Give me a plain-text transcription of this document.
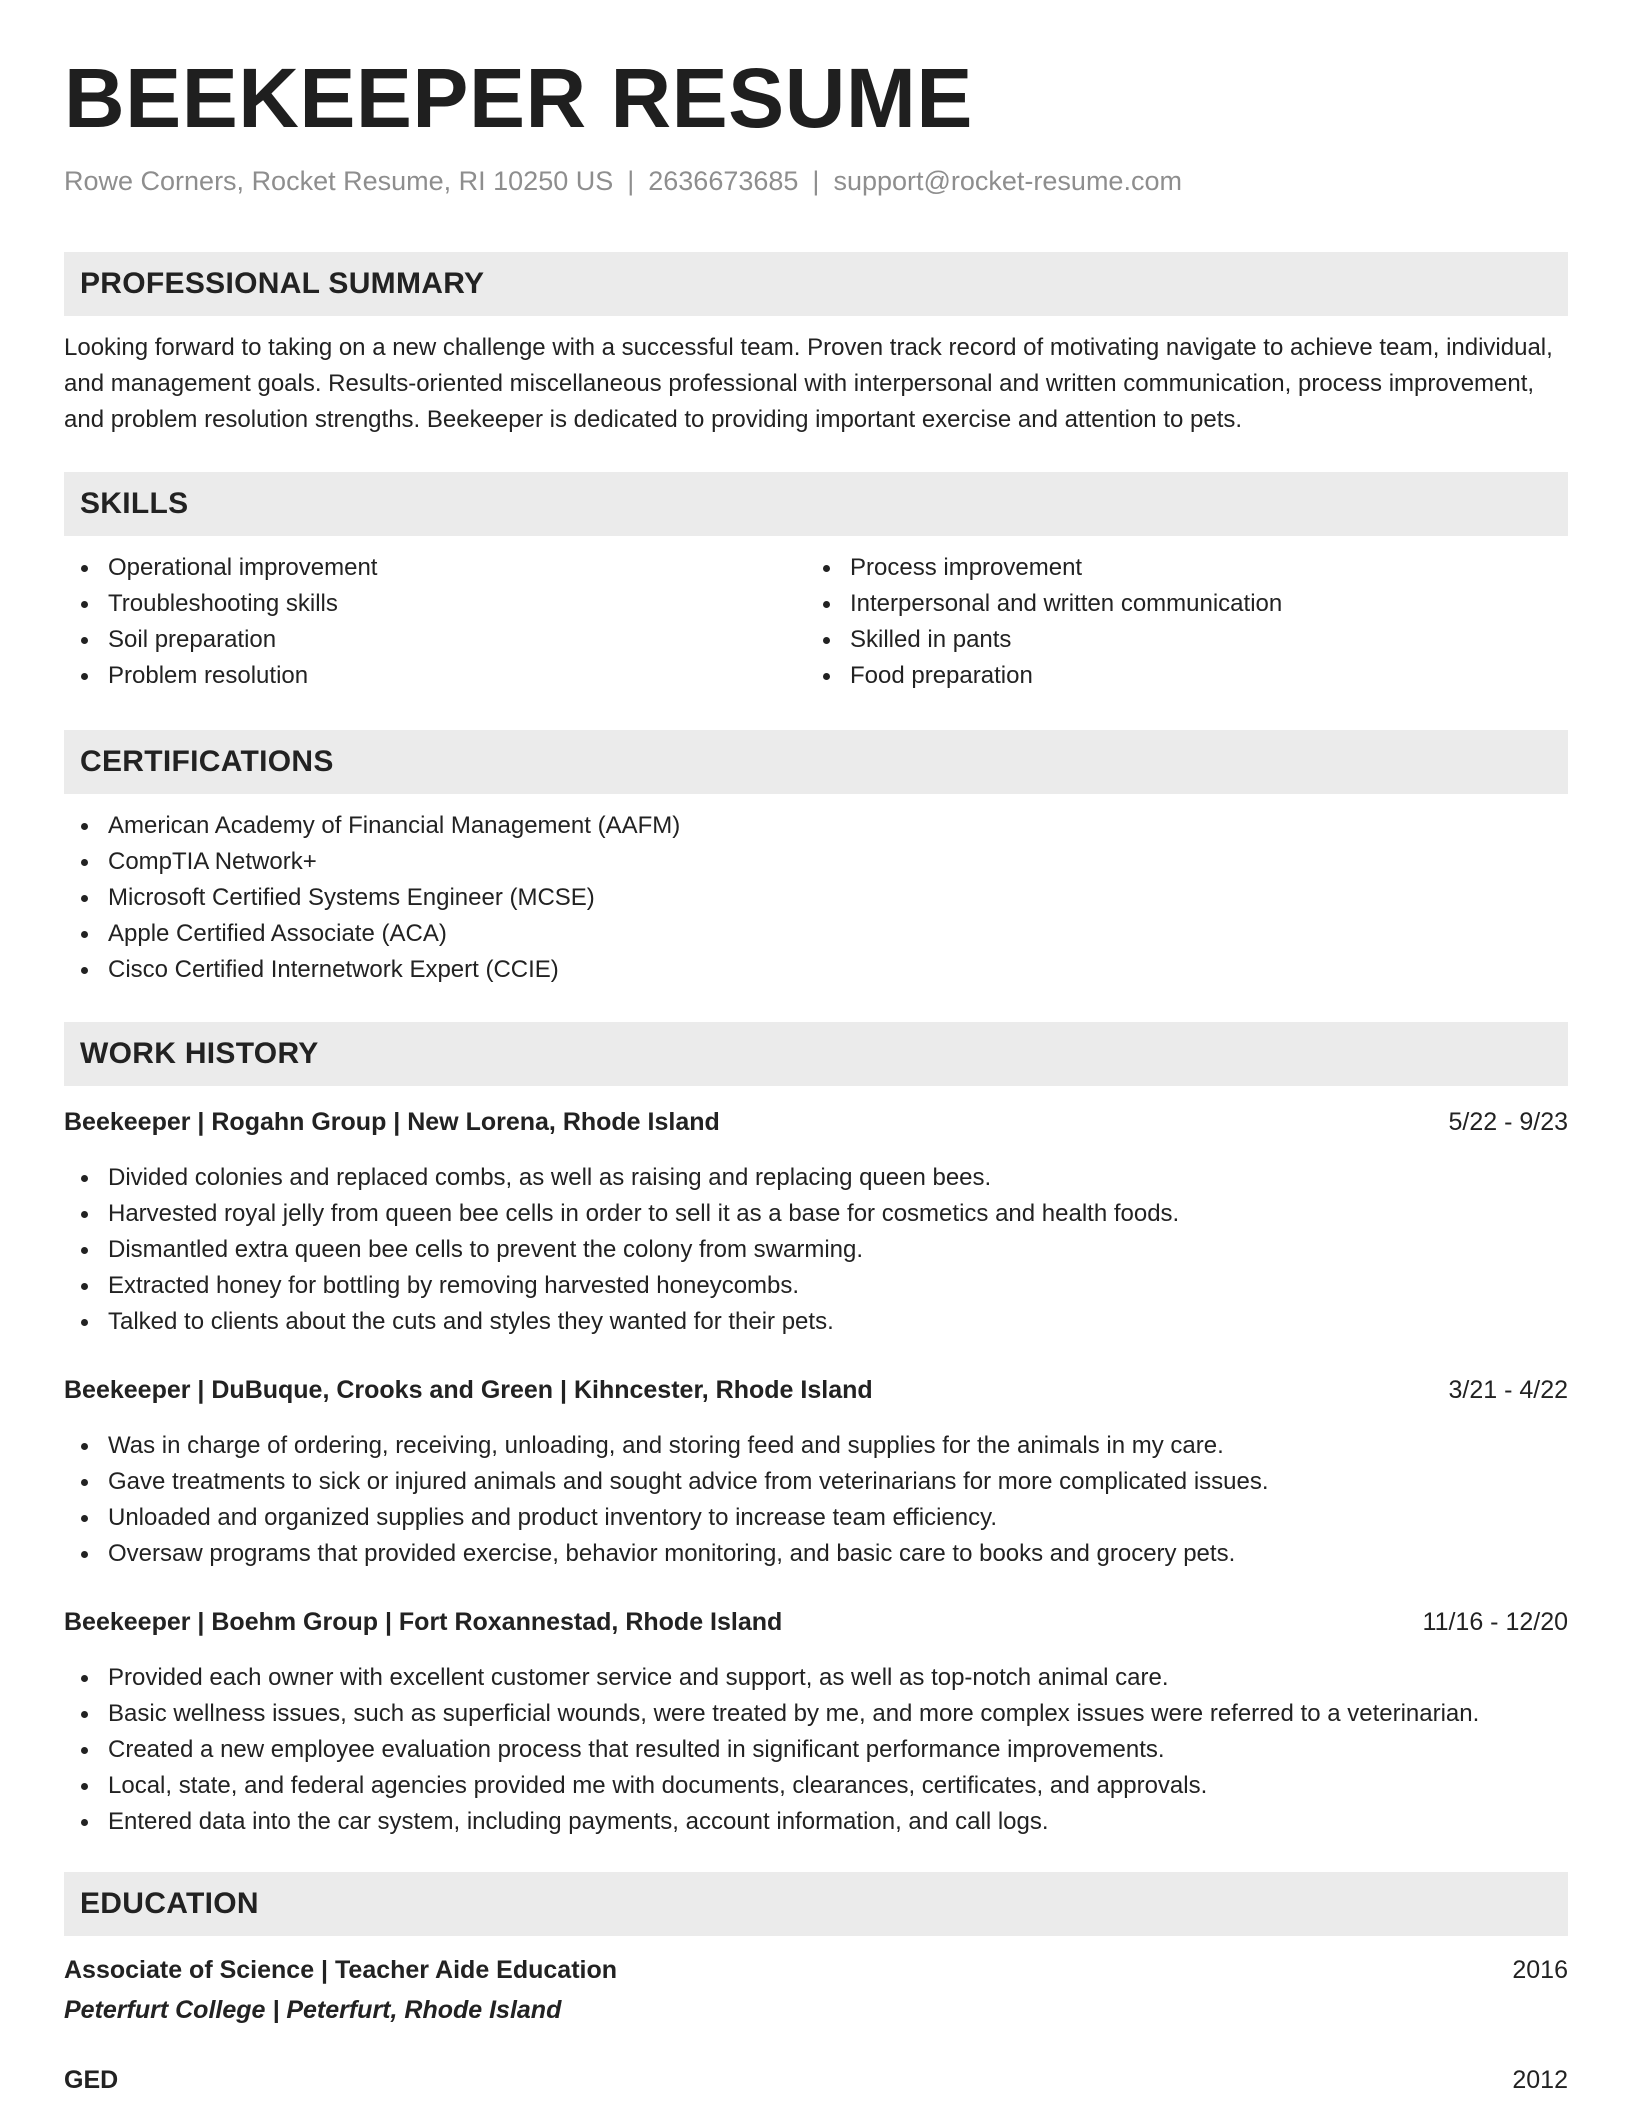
BEEKEEPER RESUME
Rowe Corners, Rocket Resume, RI 10250 US | 2636673685 | support@rocket-resume.com
PROFESSIONAL SUMMARY

Looking forward to taking on a new challenge with a successful team. Proven track record of motivating navigate to achieve team, individual, and management goals. Results-oriented miscellaneous professional with interpersonal and written communication, process improvement, and problem resolution strengths. Beekeeper is dedicated to providing important exercise and attention to pets.

SKILLS
Operational improvement
Troubleshooting skills
Soil preparation
Problem resolution
Process improvement
Interpersonal and written communication
Skilled in pants
Food preparation
CERTIFICATIONS
American Academy of Financial Management (AAFM)
CompTIA Network+
Microsoft Certified Systems Engineer (MCSE)
Apple Certified Associate (ACA)
Cisco Certified Internetwork Expert (CCIE)
WORK HISTORY
Beekeeper | Rogahn Group | New Lorena, Rhode Island	5/22 - 9/23
Divided colonies and replaced combs, as well as raising and replacing queen bees.
Harvested royal jelly from queen bee cells in order to sell it as a base for cosmetics and health foods.
Dismantled extra queen bee cells to prevent the colony from swarming.
Extracted honey for bottling by removing harvested honeycombs.
Talked to clients about the cuts and styles they wanted for their pets.
Beekeeper | DuBuque, Crooks and Green | Kihncester, Rhode Island	3/21 - 4/22
Was in charge of ordering, receiving, unloading, and storing feed and supplies for the animals in my care.
Gave treatments to sick or injured animals and sought advice from veterinarians for more complicated issues.
Unloaded and organized supplies and product inventory to increase team efficiency.
Oversaw programs that provided exercise, behavior monitoring, and basic care to books and grocery pets.
Beekeeper | Boehm Group | Fort Roxannestad, Rhode Island	11/16 - 12/20
Provided each owner with excellent customer service and support, as well as top-notch animal care.
Basic wellness issues, such as superficial wounds, were treated by me, and more complex issues were referred to a veterinarian.
Created a new employee evaluation process that resulted in significant performance improvements.
Local, state, and federal agencies provided me with documents, clearances, certificates, and approvals.
Entered data into the car system, including payments, account information, and call logs.
EDUCATION
Associate of Science | Teacher Aide Education	2016
Peterfurt College | Peterfurt, Rhode Island
GED	2012
